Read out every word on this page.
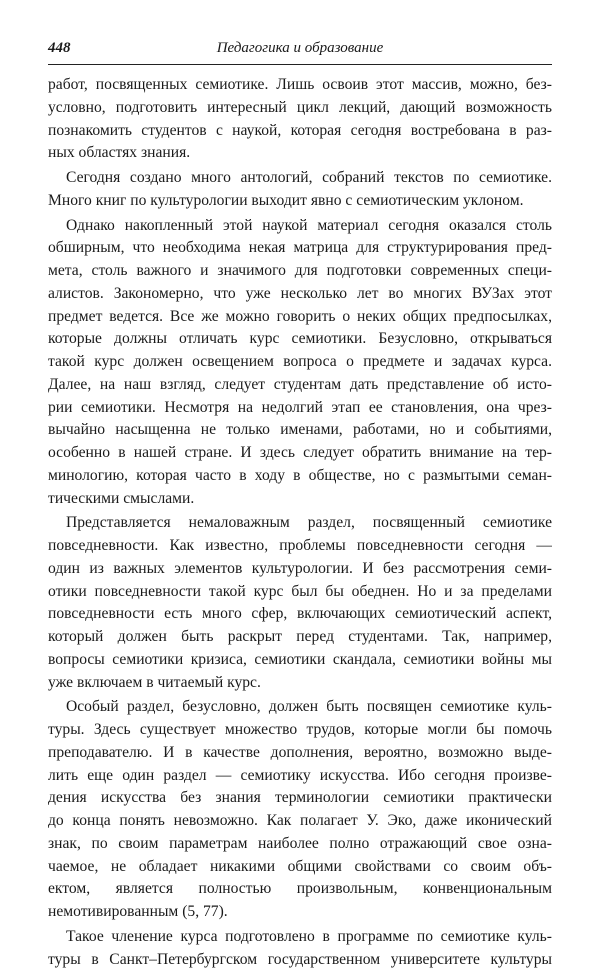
448	Педагогика и образование
работ, посвященных семиотике. Лишь освоив этот массив, можно, без-
условно, подготовить интересный цикл лекций, дающий возможность
познакомить студентов с наукой, которая сегодня востребована в раз-
ных областях знания.
Сегодня создано много антологий, собраний текстов по семиотике.
Много книг по культурологии выходит явно с семиотическим уклоном.
Однако накопленный этой наукой материал сегодня оказался столь
обширным, что необходима некая матрица для структурирования пред-
мета, столь важного и значимого для подготовки современных специ-
алистов. Закономерно, что уже несколько лет во многих ВУЗах этот
предмет ведется. Все же можно говорить о неких общих предпосылках,
которые должны отличать курс семиотики. Безусловно, открываться
такой курс должен освещением вопроса о предмете и задачах курса.
Далее, на наш взгляд, следует студентам дать представление об исто-
рии семиотики. Несмотря на недолгий этап ее становления, она чрез-
вычайно насыщенна не только именами, работами, но и событиями,
особенно в нашей стране. И здесь следует обратить внимание на тер-
минологию, которая часто в ходу в обществе, но с размытыми семан-
тическими смыслами.
Представляется немаловажным раздел, посвященный семиотике
повседневности. Как известно, проблемы повседневности сегодня —
один из важных элементов культурологии. И без рассмотрения семи-
отики повседневности такой курс был бы обеднен. Но и за пределами
повседневности есть много сфер, включающих семиотический аспект,
который должен быть раскрыт перед студентами. Так, например,
вопросы семиотики кризиса, семиотики скандала, семиотики войны мы
уже включаем в читаемый курс.
Особый раздел, безусловно, должен быть посвящен семиотике куль-
туры. Здесь существует множество трудов, которые могли бы помочь
преподавателю. И в качестве дополнения, вероятно, возможно выде-
лить еще один раздел — семиотику искусства. Ибо сегодня произве-
дения искусства без знания терминологии семиотики практически
до конца понять невозможно. Как полагает У. Эко, даже иконический
знак, по своим параметрам наиболее полно отражающий свое озна-
чаемое, не обладает никакими общими свойствами со своим объ-
ектом, является полностью произвольным, конвенциональным
немотивированным (5, 77).
Такое членение курса подготовлено в программе по семиотике куль-
туры в Санкт–Петербургском государственном университете культуры
